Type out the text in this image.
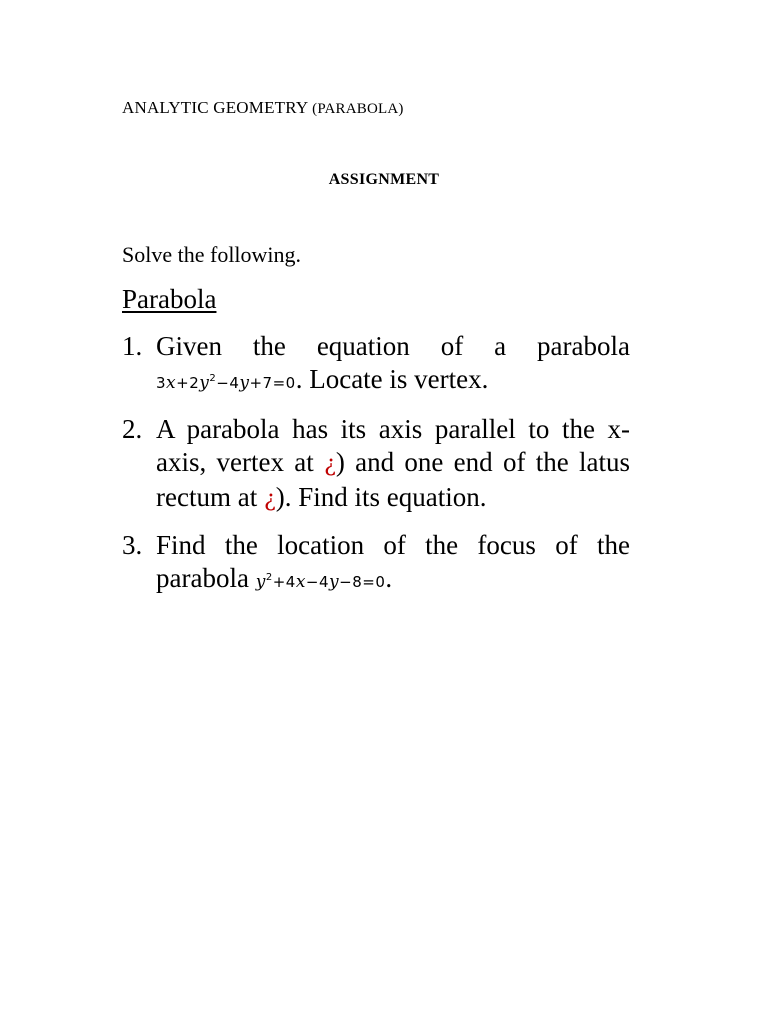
ANALYTIC GEOMETRY (PARABOLA)
ASSIGNMENT
Solve the following.
Parabola
1. Given the equation of a parabola $3x+2y^2-4y+7=0$. Locate is vertex.
2. A parabola has its axis parallel to the x-axis, vertex at ¿) and one end of the latus rectum at ¿). Find its equation.
3. Find the location of the focus of the parabola $y^2+4x-4y-8=0$.
